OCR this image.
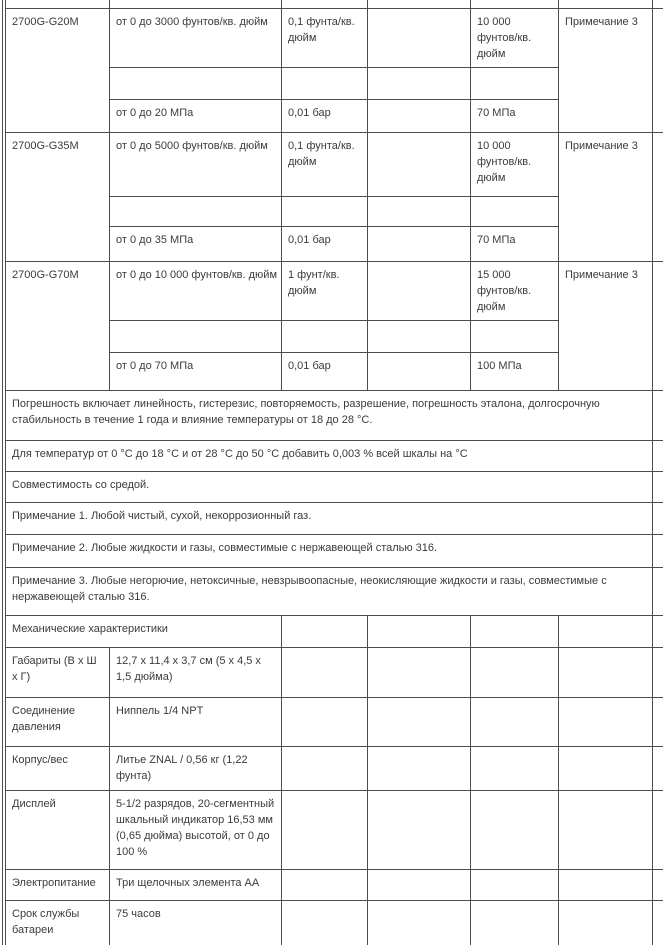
2700G-G20M	от 0 до 3000 фунтов/кв. дюйм	0,1 фунта/кв. дюйм		10 000 фунтов/кв. дюйм	Примечание 3	

	от 0 до 20 МПа	0,01 бар		70 МПа		
2700G-G35M	от 0 до 5000 фунтов/кв. дюйм	0,1 фунта/кв. дюйм		10 000 фунтов/кв. дюйм	Примечание 3	

	от 0 до 35 МПа	0,01 бар		70 МПа		
2700G-G70M	от 0 до 10 000 фунтов/кв. дюйм	1 фунт/кв. дюйм		15 000 фунтов/кв. дюйм	Примечание 3	

	от 0 до 70 МПа	0,01 бар		100 МПа		
Погрешность включает линейность, гистерезис, повторяемость, разрешение, погрешность эталона, долгосрочную стабильность в течение 1 года и влияние температуры от 18 до 28 °C.						
Для температур от 0 °C до 18 °C и от 28 °C до 50 °C добавить 0,003 % всей шкалы на °C						
Совместимость со средой.						
Примечание 1. Любой чистый, сухой, некоррозионный газ.						
Примечание 2. Любые жидкости и газы, совместимые с нержавеющей сталью 316.						
Примечание 3. Любые негорючие, нетоксичные, невзрывоопасные, неокисляющие жидкости и газы, совместимые с нержавеющей сталью 316.						
Механические характеристики						
Габариты (В x Ш x Г)	12,7 x 11,4 x 3,7 см (5 x 4,5 x 1,5 дюйма)					
Соединение давления	Ниппель 1/4 NPT					
Корпус/вес	Литье ZNAL / 0,56 кг (1,22 фунта)					
Дисплей	5-1/2 разрядов, 20-сегментный шкальный индикатор 16,53 мм (0,65 дюйма) высотой, от 0 до 100 %					
Электропитание	Три щелочных элемента АА					
Срок службы батареи	75 часов					
